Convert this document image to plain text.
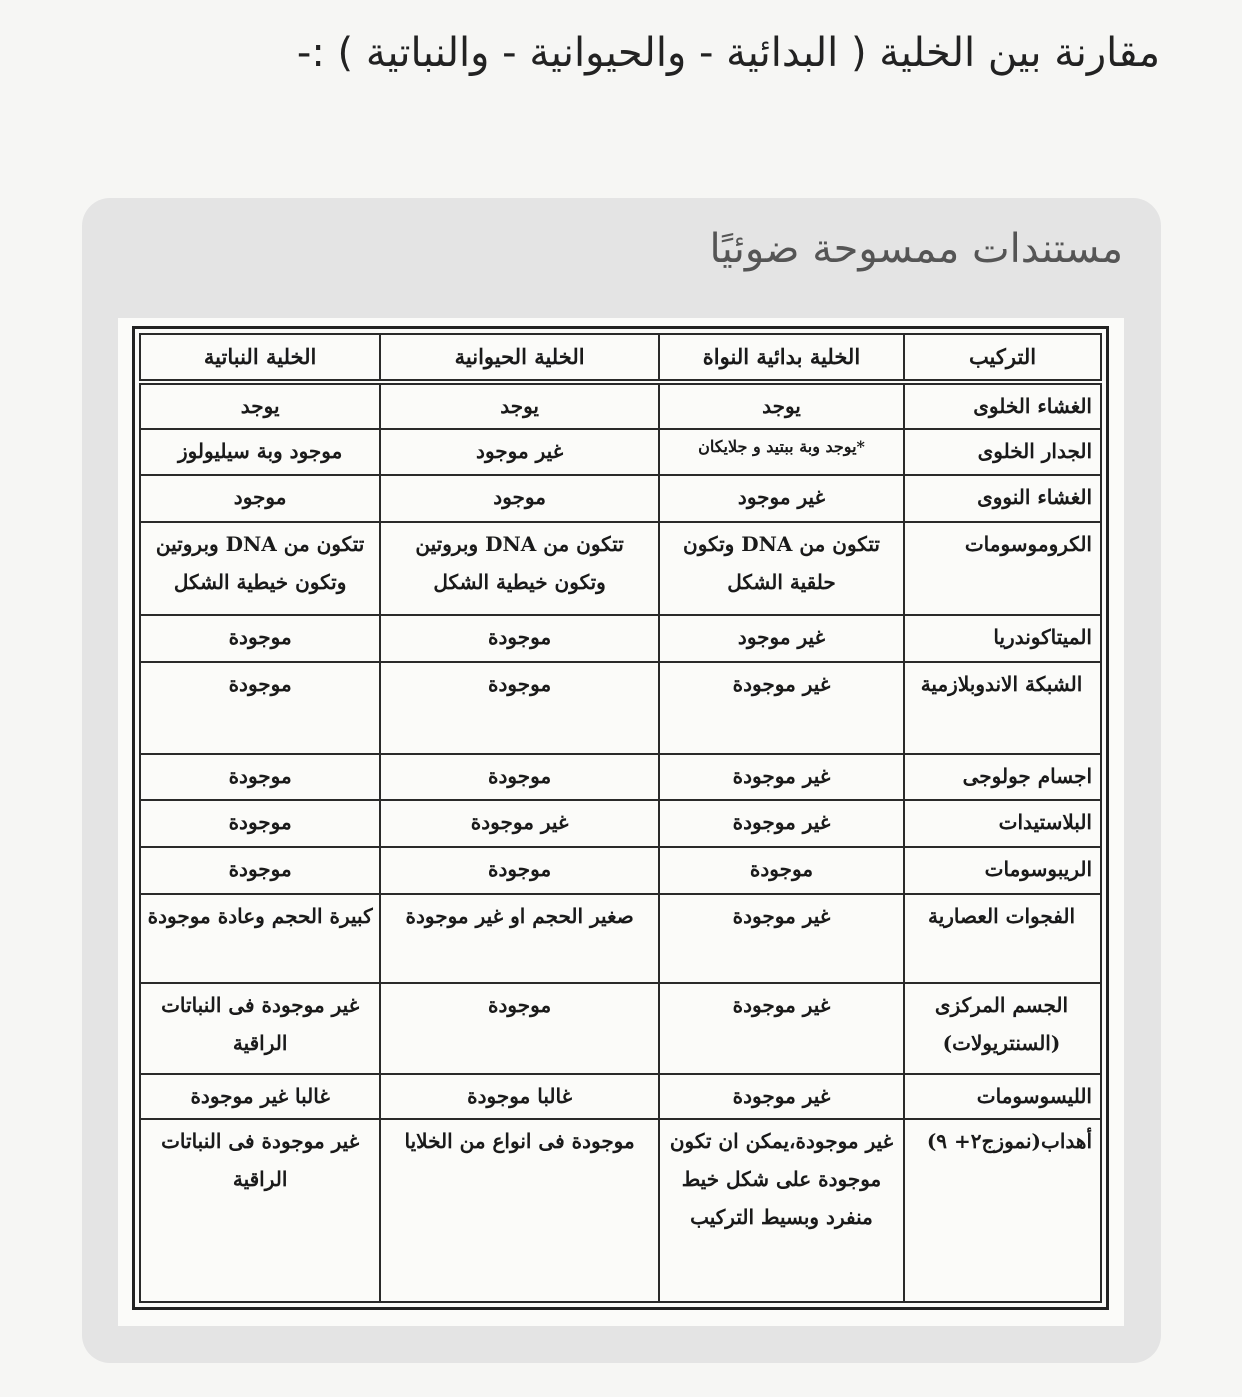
مقارنة بين الخلية ( البدائية - والحيوانية - والنباتية ) :-
مستندات ممسوحة ضوئيًا
التركيب	الخلية بدائية النواة	الخلية الحيوانية	الخلية النباتية
الغشاء الخلوى	يوجد	يوجد	يوجد
الجدار الخلوى	*يوجد وبة ببتيد و جلايكان	غير موجود	موجود وبة سيليولوز
الغشاء النووى	غير موجود	موجود	موجود
الكروموسومات	تتكون من DNA وتكون حلقية الشكل	تتكون من DNA وبروتين وتكون خيطية الشكل	تتكون من DNA وبروتين وتكون خيطية الشكل
الميتاكوندريا	غير موجود	موجودة	موجودة
الشبكة الاندوبلازمية	غير موجودة	موجودة	موجودة
اجسام جولوجى	غير موجودة	موجودة	موجودة
البلاستيدات	غير موجودة	غير موجودة	موجودة
الريبوسومات	موجودة	موجودة	موجودة
الفجوات العصارية	غير موجودة	صغير الحجم او غير موجودة	كبيرة الحجم وعادة موجودة
الجسم المركزى (السنتريولات)	غير موجودة	موجودة	غير موجودة فى النباتات الراقية
الليسوسومات	غير موجودة	غالبا موجودة	غالبا غير موجودة
أهداب(نموزج٢+ ٩)	غير موجودة،يمكن ان تكون موجودة على شكل خيط منفرد وبسيط التركيب	موجودة فى انواع من الخلايا	غير موجودة فى النباتات الراقية
